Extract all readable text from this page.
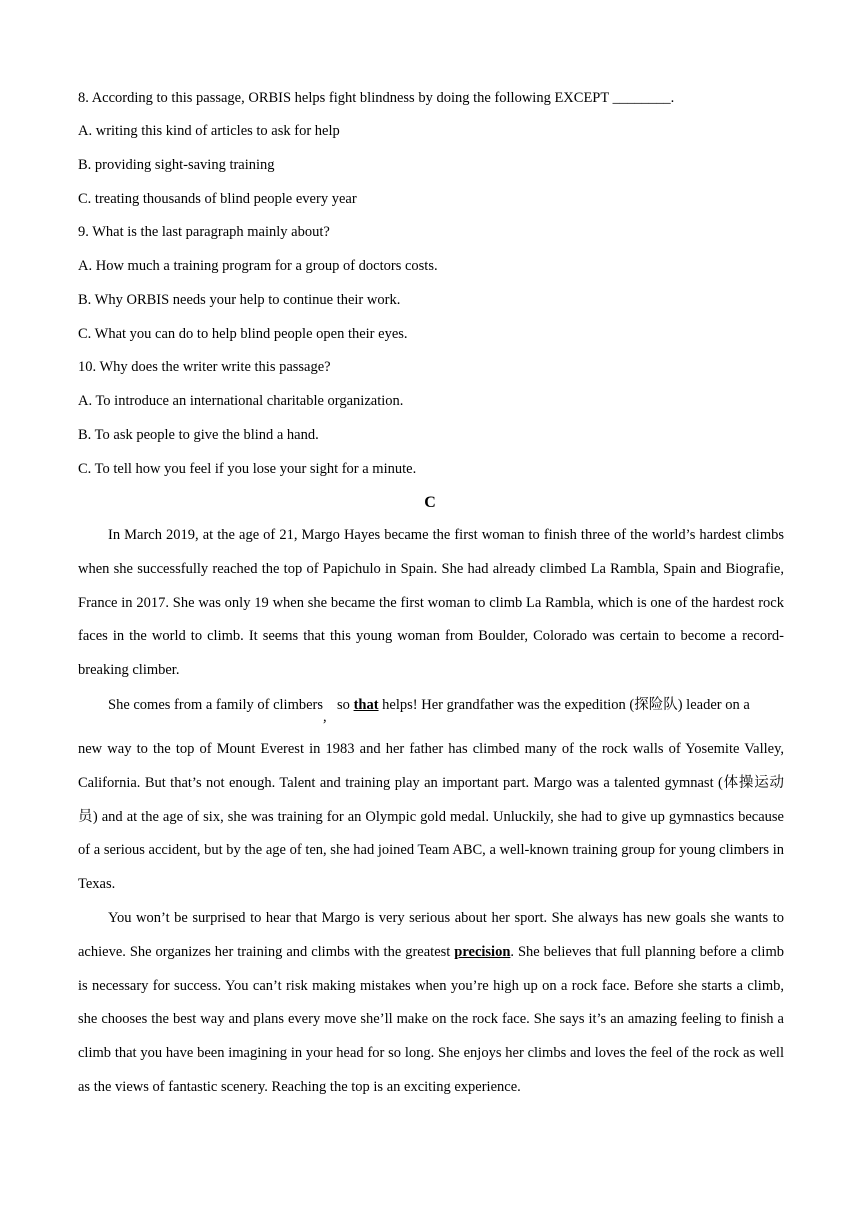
8. According to this passage, ORBIS helps fight blindness by doing the following EXCEPT ________.
A. writing this kind of articles to ask for help
B. providing sight-saving training
C. treating thousands of blind people every year
9. What is the last paragraph mainly about?
A. How much a training program for a group of doctors costs.
B. Why ORBIS needs your help to continue their work.
C. What you can do to help blind people open their eyes.
10. Why does the writer write this passage?
A. To introduce an international charitable organization.
B. To ask people to give the blind a hand.
C. To tell how you feel if you lose your sight for a minute.
C
In March 2019, at the age of 21, Margo Hayes became the first woman to finish three of the world’s hardest climbs when she successfully reached the top of Papichulo in Spain. She had already climbed La Rambla, Spain and Biografie, France in 2017. She was only 19 when she became the first woman to climb La Rambla, which is one of the hardest rock faces in the world to climb. It seems that this young woman from Boulder, Colorado was certain to become a record-breaking climber.
She comes from a family of climbers,so that helps! Her grandfather was the expedition (探险队) leader on a
new way to the top of Mount Everest in 1983 and her father has climbed many of the rock walls of Yosemite Valley, California. But that’s not enough. Talent and training play an important part. Margo was a talented gymnast (体操运动员) and at the age of six, she was training for an Olympic gold medal. Unluckily, she had to give up gymnastics because of a serious accident, but by the age of ten, she had joined Team ABC, a well-known training group for young climbers in Texas.
You won’t be surprised to hear that Margo is very serious about her sport. She always has new goals she wants to achieve. She organizes her training and climbs with the greatest precision. She believes that full planning before a climb is necessary for success. You can’t risk making mistakes when you’re high up on a rock face. Before she starts a climb, she chooses the best way and plans every move she’ll make on the rock face. She says it’s an amazing feeling to finish a climb that you have been imagining in your head for so long. She enjoys her climbs and loves the feel of the rock as well as the views of fantastic scenery. Reaching the top is an exciting experience.
